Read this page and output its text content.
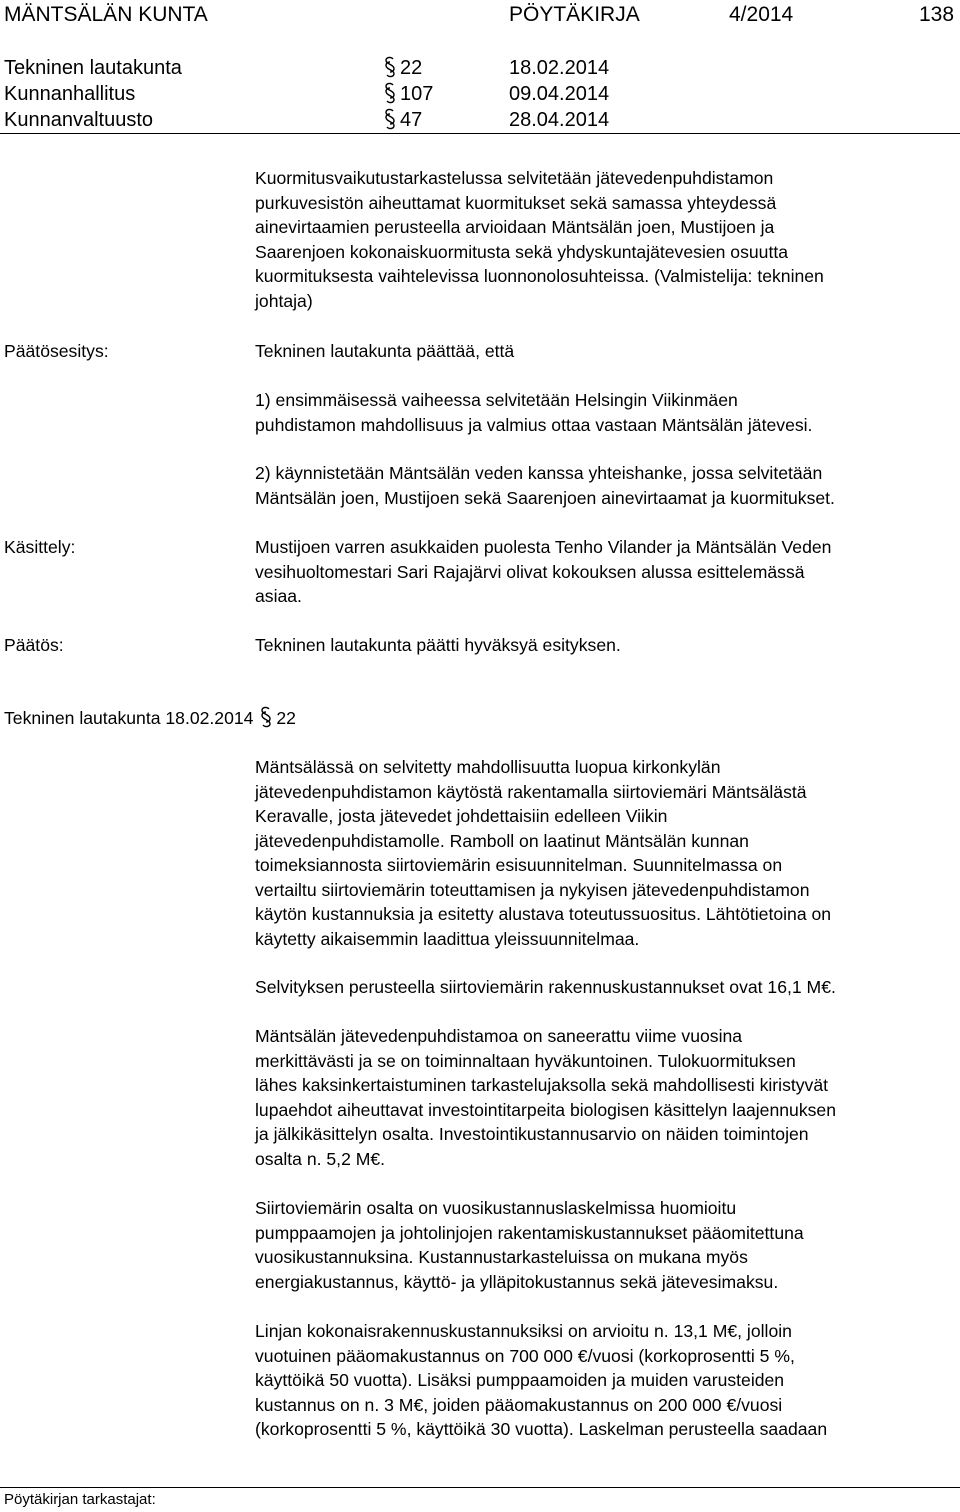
MÄNTSÄLÄN KUNTA	PÖYTÄKIRJA	4/2014	138
Tekninen lautakunta	22	18.02.2014
Kunnanhallitus	107	09.04.2014
Kunnanvaltuusto	47	28.04.2014
Kuormitusvaikutustarkastelussa selvitetään jätevedenpuhdistamon
purkuvesistön aiheuttamat kuormitukset sekä samassa yhteydessä
ainevirtaamien perusteella arvioidaan Mäntsälän joen, Mustijoen ja
Saarenjoen kokonaiskuormitusta sekä yhdyskuntajätevesien osuutta
kuormituksesta vaihtelevissa luonnonolosuhteissa. (Valmistelija: tekninen
johtaja)
Päätösesitys:	Tekninen lautakunta päättää, että
1) ensimmäisessä vaiheessa selvitetään Helsingin Viikinmäen
puhdistamon mahdollisuus ja valmius ottaa vastaan Mäntsälän jätevesi.
2) käynnistetään Mäntsälän veden kanssa yhteishanke, jossa selvitetään
Mäntsälän joen, Mustijoen sekä Saarenjoen ainevirtaamat ja kuormitukset.
Käsittely:	Mustijoen varren asukkaiden puolesta Tenho Vilander ja Mäntsälän Veden
vesihuoltomestari Sari Rajajärvi olivat kokouksen alussa esittelemässä
asiaa.
Päätös:	Tekninen lautakunta päätti hyväksyä esityksen.
Tekninen lautakunta 18.02.2014 22
Mäntsälässä on selvitetty mahdollisuutta luopua kirkonkylän
jätevedenpuhdistamon käytöstä rakentamalla siirtoviemäri Mäntsälästä
Keravalle, josta jätevedet johdettaisiin edelleen Viikin
jätevedenpuhdistamolle. Ramboll on laatinut Mäntsälän kunnan
toimeksiannosta siirtoviemärin esisuunnitelman. Suunnitelmassa on
vertailtu siirtoviemärin toteuttamisen ja nykyisen jätevedenpuhdistamon
käytön kustannuksia ja esitetty alustava toteutussuositus. Lähtötietoina on
käytetty aikaisemmin laadittua yleissuunnitelmaa.
Selvityksen perusteella siirtoviemärin rakennuskustannukset ovat 16,1 M€.
Mäntsälän jätevedenpuhdistamoa on saneerattu viime vuosina
merkittävästi ja se on toiminnaltaan hyväkuntoinen. Tulokuormituksen
lähes kaksinkertaistuminen tarkastelujaksolla sekä mahdollisesti kiristyvät
lupaehdot aiheuttavat investointitarpeita biologisen käsittelyn laajennuksen
ja jälkikäsittelyn osalta. Investointikustannusarvio on näiden toimintojen
osalta n. 5,2 M€.
Siirtoviemärin osalta on vuosikustannuslaskelmissa huomioitu
pumppaamojen ja johtolinjojen rakentamiskustannukset pääomitettuna
vuosikustannuksina. Kustannustarkasteluissa on mukana myös
energiakustannus, käyttö- ja ylläpitokustannus sekä jätevesimaksu.
Linjan kokonaisrakennuskustannuksiksi on arvioitu n. 13,1 M€, jolloin
vuotuinen pääomakustannus on 700 000 €/vuosi (korkoprosentti 5 %,
käyttöikä 50 vuotta). Lisäksi pumppaamoiden ja muiden varusteiden
kustannus on n. 3 M€, joiden pääomakustannus on 200 000 €/vuosi
(korkoprosentti 5 %, käyttöikä 30 vuotta). Laskelman perusteella saadaan
Pöytäkirjan tarkastajat:
